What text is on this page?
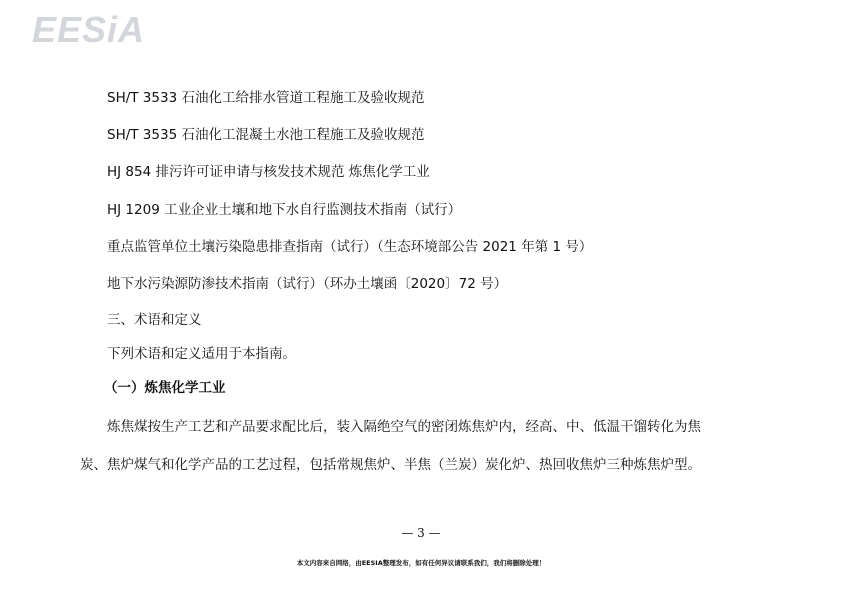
EESiA
SH/T 3533 石油化工给排水管道工程施工及验收规范
SH/T 3535 石油化工混凝土水池工程施工及验收规范
HJ 854 排污许可证申请与核发技术规范 炼焦化学工业
HJ 1209 工业企业土壤和地下水自行监测技术指南（试行）
重点监管单位土壤污染隐患排查指南（试行）（生态环境部公告 2021 年第 1 号）
地下水污染源防渗技术指南（试行）（环办土壤函〔2020〕72 号）
三、术语和定义
下列术语和定义适用于本指南。
（一）炼焦化学工业
炼焦煤按生产工艺和产品要求配比后，装入隔绝空气的密闭炼焦炉内，经高、中、低温干馏转化为焦
炭、焦炉煤气和化学产品的工艺过程，包括常规焦炉、半焦（兰炭）炭化炉、热回收焦炉三种炼焦炉型。
— 3 —
本文内容来自网络，由EESIA整理发布，如有任何异议请联系我们，我们将删除处理！
